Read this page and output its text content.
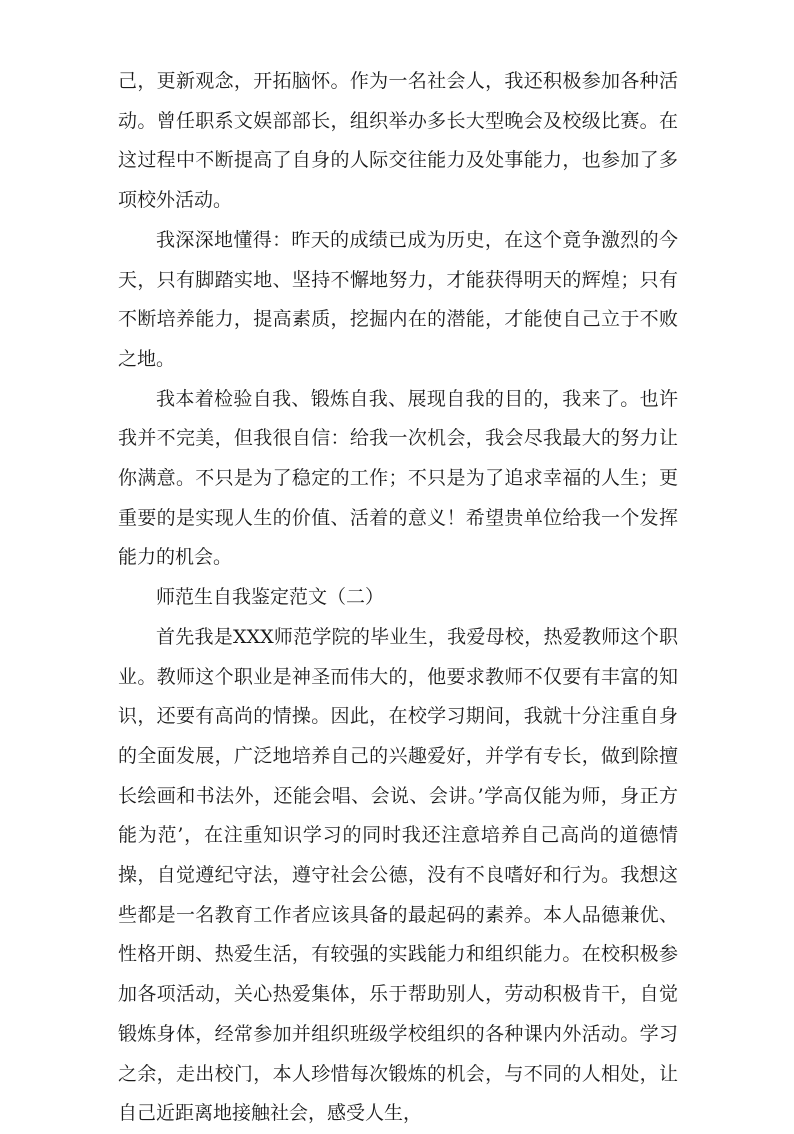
己，更新观念，开拓脑怀。作为一名社会人，我还积极参加各种活动。曾任职系文娱部部长，组织举办多长大型晚会及校级比赛。在这过程中不断提高了自身的人际交往能力及处事能力，也参加了多项校外活动。

我深深地懂得：昨天的成绩已成为历史，在这个竟争激烈的今天，只有脚踏实地、坚持不懈地努力，才能获得明天的辉煌；只有不断培养能力，提高素质，挖掘内在的潜能，才能使自己立于不败之地。

我本着检验自我、锻炼自我、展现自我的目的，我来了。也许我并不完美，但我很自信：给我一次机会，我会尽我最大的努力让你满意。不只是为了稳定的工作；不只是为了追求幸福的人生；更重要的是实现人生的价值、活着的意义！希望贵单位给我一个发挥能力的机会。

师范生自我鉴定范文（二）

首先我是XXX师范学院的毕业生，我爱母校，热爱教师这个职业。教师这个职业是神圣而伟大的，他要求教师不仅要有丰富的知识，还要有高尚的情操。因此，在校学习期间，我就十分注重自身的全面发展，广泛地培养自己的兴趣爱好，并学有专长，做到除擅长绘画和书法外，还能会唱、会说、会讲。’学高仅能为师，身正方能为范’，在注重知识学习的同时我还注意培养自己高尚的道德情操，自觉遵纪守法，遵守社会公德，没有不良嗜好和行为。我想这些都是一名教育工作者应该具备的最起码的素养。本人品德兼优、性格开朗、热爱生活，有较强的实践能力和组织能力。在校积极参加各项活动，关心热爱集体，乐于帮助别人，劳动积极肯干，自觉锻炼身体，经常参加并组织班级学校组织的各种课内外活动。学习之余，走出校门，本人珍惜每次锻炼的机会，与不同的人相处，让自己近距离地接触社会，感受人生，
